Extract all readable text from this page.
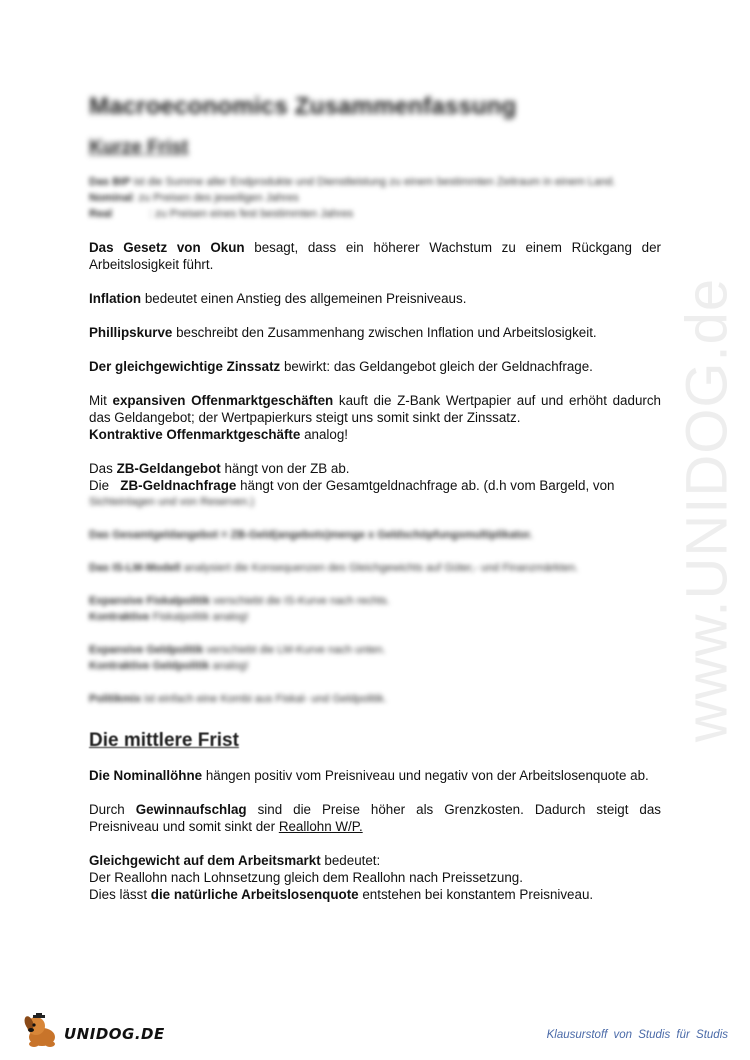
www.UNIDOG.de
Macroeconomics Zusammenfassung
Kurze Frist

Das BIP ist die Summe aller Endprodukte und Dienstleistung zu einem bestimmten Zeitraum in einem Land.
Nominal: zu Preisen des jeweiligen Jahres
Real	: zu Preisen eines fest bestimmten Jahres

Das Gesetz von Okun besagt, dass ein höherer Wachstum zu einem Rückgang der Arbeitslosigkeit führt.

Inflation bedeutet einen Anstieg des allgemeinen Preisniveaus.

Phillipskurve beschreibt den Zusammenhang zwischen Inflation und Arbeitslosigkeit.

Der gleichgewichtige Zinssatz bewirkt: das Geldangebot gleich der Geldnachfrage.

Mit expansiven Offenmarktgeschäften kauft die Z-Bank Wertpapier auf und erhöht dadurch das Geldangebot; der Wertpapierkurs steigt uns somit sinkt der Zinssatz.
Kontraktive Offenmarktgeschäfte analog!

Das ZB-Geldangebot hängt von der ZB ab.
Die ZB-Geldnachfrage hängt von der Gesamtgeldnachfrage ab. (d.h vom Bargeld, von
Sichteinlagen und von Reserven.)

Das Gesamtgeldangebot = ZB-Geld(angebots)menge x Geldschöpfungsmultiplikator.

Das IS-LM-Modell analysiert die Konsequenzen des Gleichgewichts auf Güter,- und Finanzmärkten.

Expansive Fiskalpolitik verschiebt die IS-Kurve nach rechts.
Kontraktive Fiskalpolitik analog!

Expansive Geldpolitik verschiebt die LM-Kurve nach unten.
Kontraktive Geldpolitik analog!

Politikmix ist einfach eine Kombi aus Fiskal- und Geldpolitik.

Die mittlere Frist

Die Nominallöhne hängen positiv vom Preisniveau und negativ von der Arbeitslosenquote ab.

Durch Gewinnaufschlag sind die Preise höher als Grenzkosten. Dadurch steigt das Preisniveau und somit sinkt der Reallohn W/P.

Gleichgewicht auf dem Arbeitsmarkt bedeutet:
Der Reallohn nach Lohnsetzung gleich dem Reallohn nach Preissetzung.
Dies lässt die natürliche Arbeitslosenquote entstehen bei konstantem Preisniveau.

UNIDOG.DE	Klausurstoff von Studis für Studis
